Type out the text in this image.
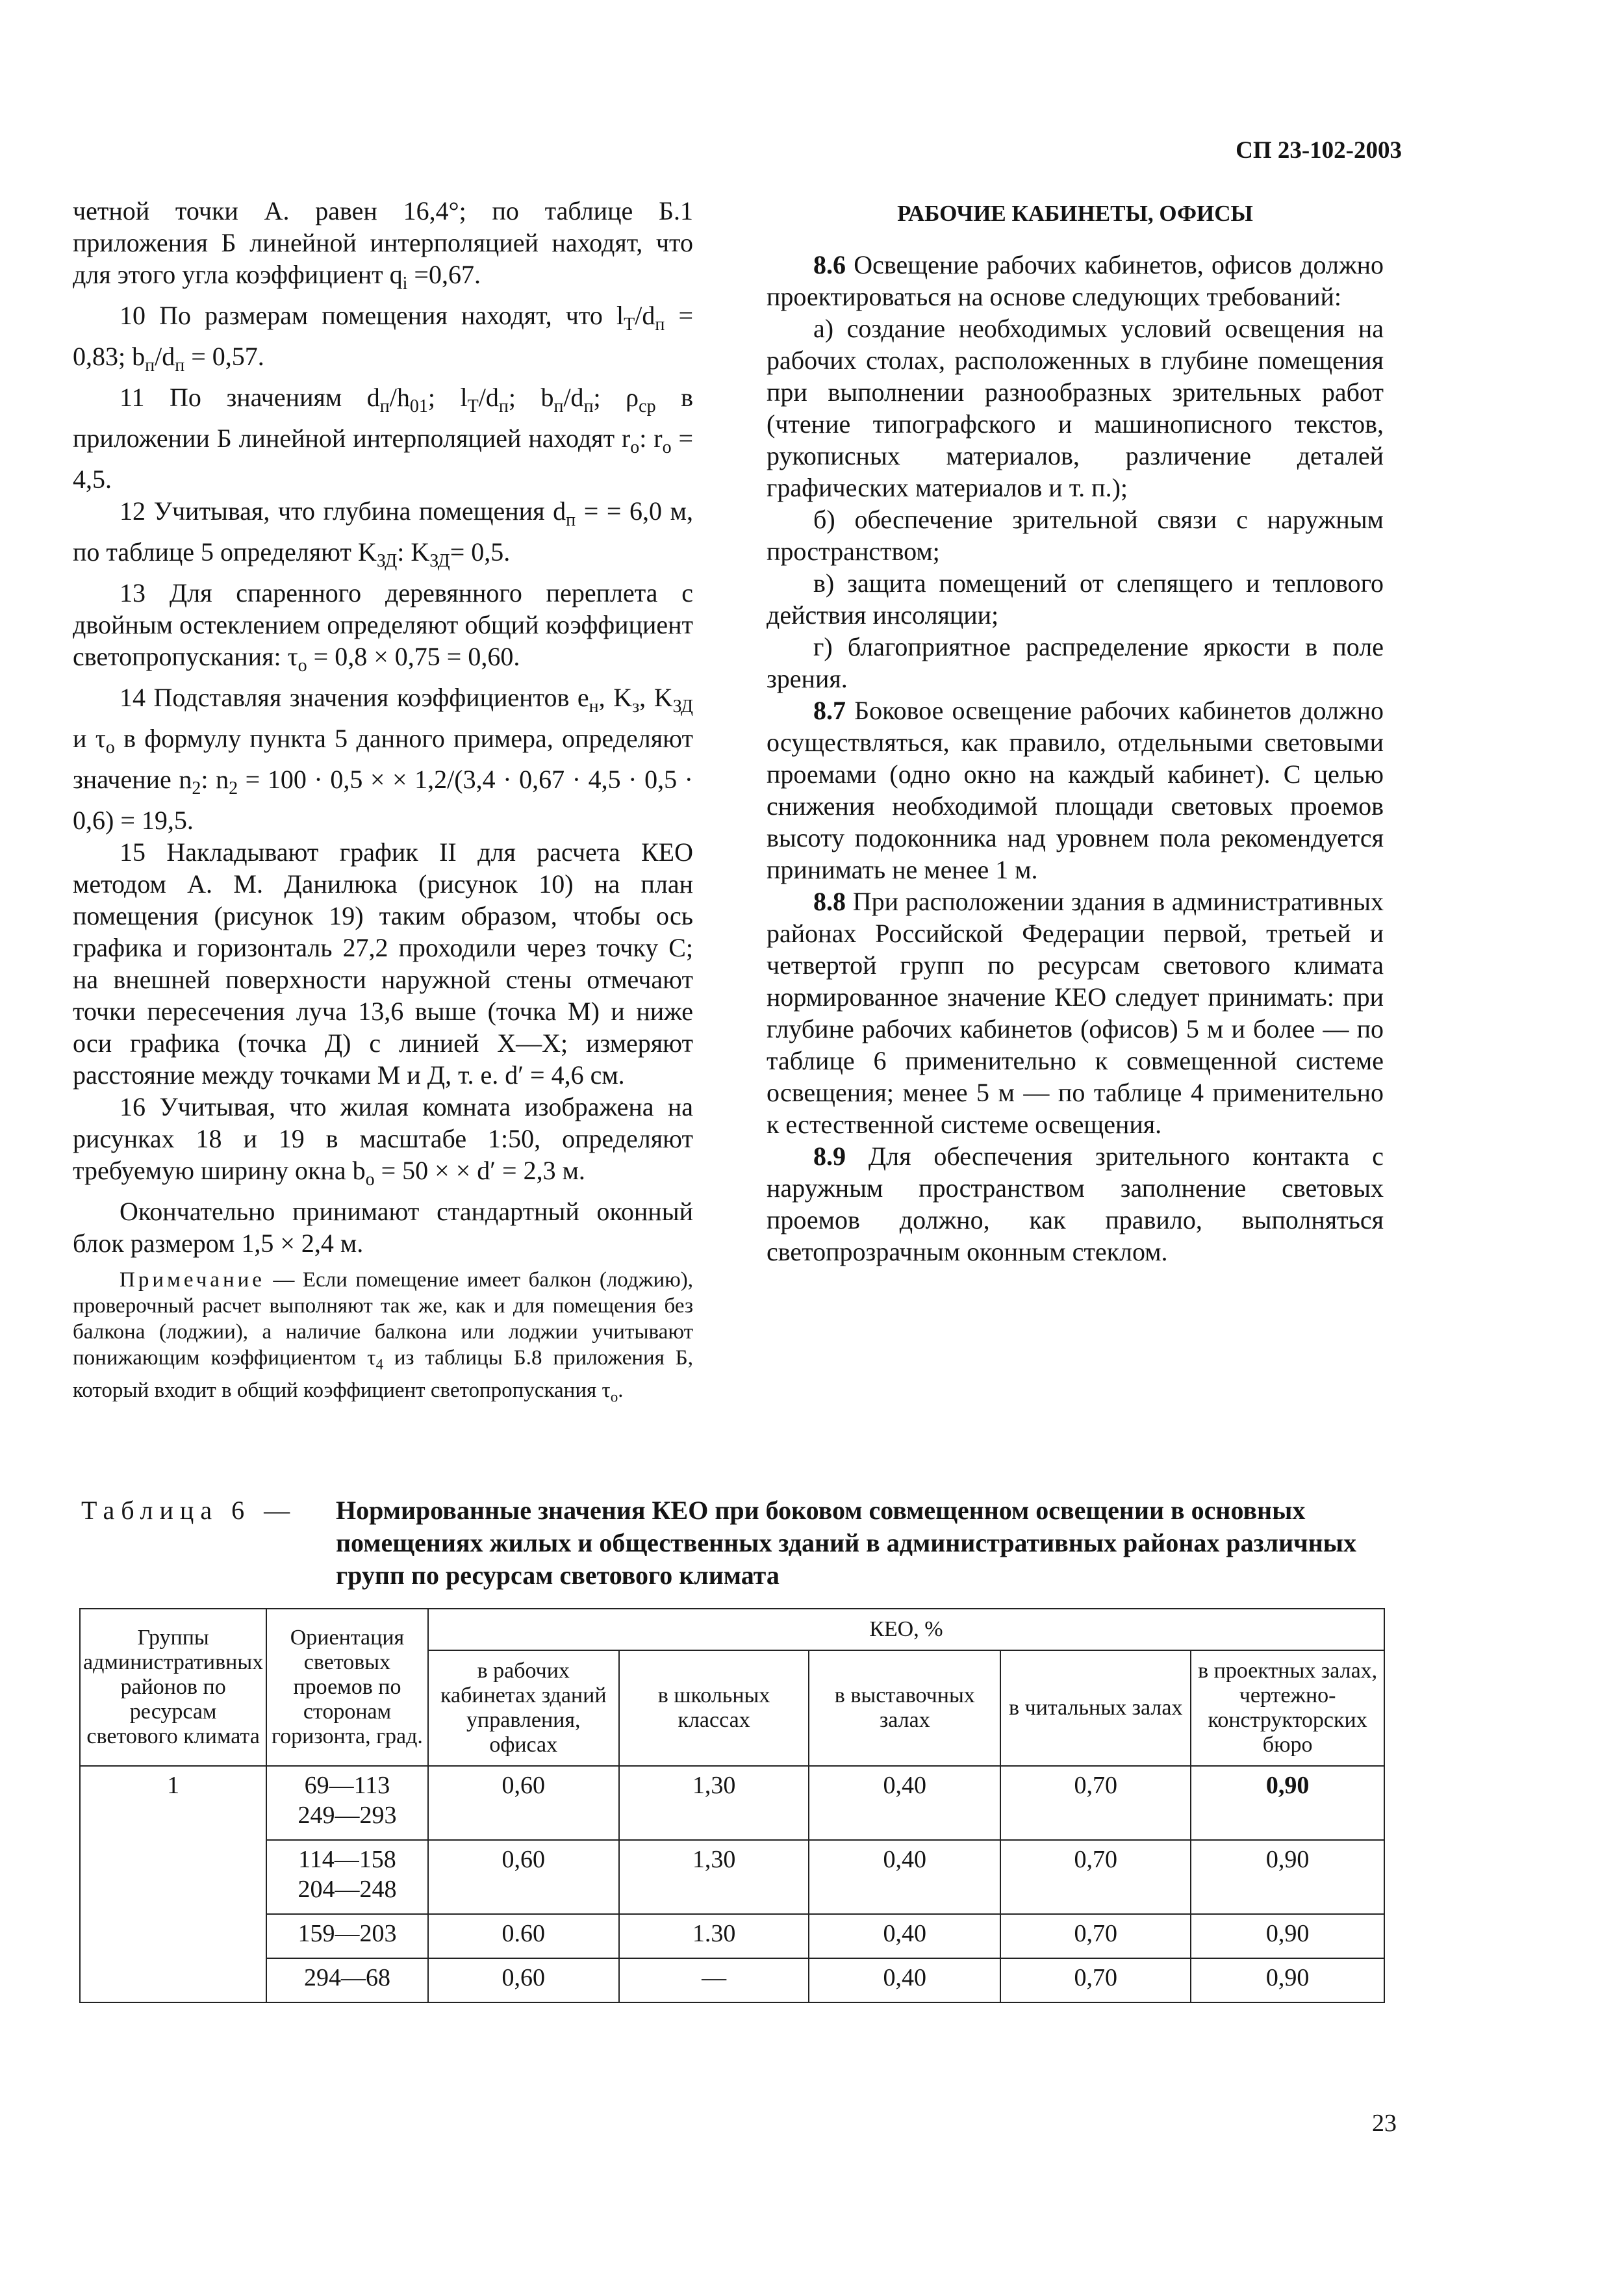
СП 23-102-2003

четной точки А. равен 16,4°; по таблице Б.1 приложения Б линейной интерполяцией находят, что для этого угла коэффициент $q_i =0,67$.

10 По размерам помещения находят, что $l_T/d_п = 0,83$; $b_п/d_п = 0,57$.

11 По значениям $d_п/h_{01}$; $l_T/d_п$; $b_п/d_п$; $\rho_{ср}$ в приложении Б линейной интерполяцией находят $r_о$: $r_о = 4,5$.

12 Учитывая, что глубина помещения $d_п$ = = 6,0 м, по таблице 5 определяют $K_{ЗД}$: $K_{ЗД}= 0,5$.

13 Для спаренного деревянного переплета с двойным остеклением определяют общий коэффициент светопропускания: $\tau_о = 0,8 \times 0,75 = 0,60$.

14 Подставляя значения коэффициентов $e_н$, $K_з$, $K_{ЗД}$ и $\tau_о$ в формулу пункта 5 данного примера, определяют значение $n_2$: $n_2 = 100 \cdot 0,5$ × × 1,2/(3,4 · 0,67 · 4,5 · 0,5 · 0,6) = 19,5.

15 Накладывают график II для расчета КЕО методом А. М. Данилюка (рисунок 10) на план помещения (рисунок 19) таким образом, чтобы ось графика и горизонталь 27,2 проходили через точку С; на внешней поверхности наружной стены отмечают точки пересечения луча 13,6 выше (точка М) и ниже оси графика (точка Д) с линией X—X; измеряют расстояние между точками М и Д, т. е. d′ = 4,6 см.

16 Учитывая, что жилая комната изображена на рисунках 18 и 19 в масштабе 1:50, определяют требуемую ширину окна $b_о = 50$ × × d′ = 2,3 м.

Окончательно принимают стандартный оконный блок размером 1,5 × 2,4 м.

Примечание — Если помещение имеет балкон (лоджию), проверочный расчет выполняют так же, как и для помещения без балкона (лоджии), а наличие балкона или лоджии учитывают понижающим коэффициентом $\tau_4$ из таблицы Б.8 приложения Б, который входит в общий коэффициент светопропускания $\tau_о$.

РАБОЧИЕ КАБИНЕТЫ, ОФИСЫ

8.6 Освещение рабочих кабинетов, офисов должно проектироваться на основе следующих требований:

а) создание необходимых условий освещения на рабочих столах, расположенных в глубине помещения при выполнении разнообразных зрительных работ (чтение типографского и машинописного текстов, рукописных материалов, различение деталей графических материалов и т. п.);

б) обеспечение зрительной связи с наружным пространством;

в) защита помещений от слепящего и теплового действия инсоляции;

г) благоприятное распределение яркости в поле зрения.

8.7 Боковое освещение рабочих кабинетов должно осуществляться, как правило, отдельными световыми проемами (одно окно на каждый кабинет). С целью снижения необходимой площади световых проемов высоту подоконника над уровнем пола рекомендуется принимать не менее 1 м.

8.8 При расположении здания в административных районах Российской Федерации первой, третьей и четвертой групп по ресурсам светового климата нормированное значение КЕО следует принимать: при глубине рабочих кабинетов (офисов) 5 м и более — по таблице 6 применительно к совмещенной системе освещения; менее 5 м — по таблице 4 применительно к естественной системе освещения.

8.9 Для обеспечения зрительного контакта с наружным пространством заполнение световых проемов должно, как правило, выполняться светопрозрачным оконным стеклом.

Таблица 6 — Нормированные значения КЕО при боковом совмещенном освещении в основных помещениях жилых и общественных зданий в административных районах различных групп по ресурсам светового климата
Группы административных районов по ресурсам светового климата	Ориентация световых проемов по сторонам горизонта, град.	КЕО, %				
		в рабочих кабинетах зданий управления, офисах	в школьных классах	в выставочных залах	в читальных залах	в проектных залах, чертежно-конструкторских бюро
1	69—113
249—293	0,60	1,30	0,40	0,70	0,90
	114—158
204—248	0,60	1,30	0,40	0,70	0,90
	159—203	0.60	1.30	0,40	0,70	0,90
	294—68	0,60	—	0,40	0,70	0,90
23
